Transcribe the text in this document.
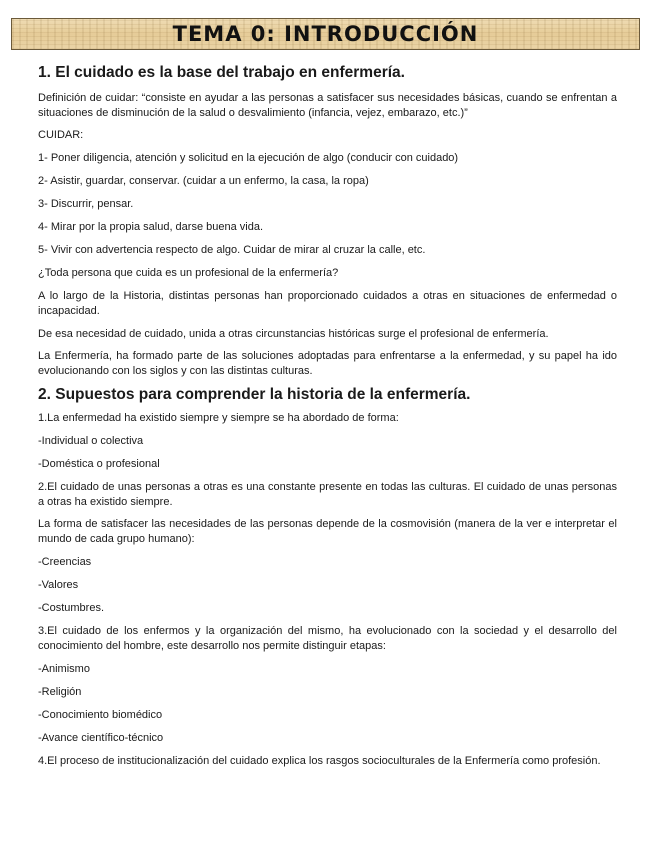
TEMA 0: INTRODUCCIÓN
1. El cuidado es la base del trabajo en enfermería.

Definición de cuidar: “consiste en ayudar a las personas a satisfacer sus necesidades básicas, cuando se enfrentan a situaciones de disminución de la salud o desvalimiento (infancia, vejez, embarazo, etc.)”

CUIDAR:

1- Poner diligencia, atención y solicitud en la ejecución de algo (conducir con cuidado)

2- Asistir, guardar, conservar. (cuidar a un enfermo, la casa, la ropa)

3- Discurrir, pensar.

4- Mirar por la propia salud, darse buena vida.

5- Vivir con advertencia respecto de algo. Cuidar de mirar al cruzar la calle, etc.

¿Toda persona que cuida es un profesional de la enfermería?

A lo largo de la Historia, distintas personas han proporcionado cuidados a otras en situaciones de enfermedad o incapacidad.

De esa necesidad de cuidado, unida a otras circunstancias históricas surge el profesional de enfermería.

La Enfermería, ha formado parte de las soluciones adoptadas para enfrentarse a la enfermedad, y su papel ha ido evolucionando con los siglos y con las distintas culturas.

2. Supuestos para comprender la historia de la enfermería.

1.La enfermedad ha existido siempre y siempre se ha abordado de forma:

-Individual o colectiva

-Doméstica o profesional

2.El cuidado de unas personas a otras es una constante presente en todas las culturas. El cuidado de unas personas a otras ha existido siempre.

La forma de satisfacer las necesidades de las personas depende de la cosmovisión (manera de la ver e interpretar el mundo de cada grupo humano):

-Creencias

-Valores

-Costumbres.

3.El cuidado de los enfermos y la organización del mismo, ha evolucionado con la sociedad y el desarrollo del conocimiento del hombre, este desarrollo nos permite distinguir etapas:

-Animismo

-Religión

-Conocimiento biomédico

-Avance científico-técnico

4.El proceso de institucionalización del cuidado explica los rasgos socioculturales de la Enfermería como profesión.
